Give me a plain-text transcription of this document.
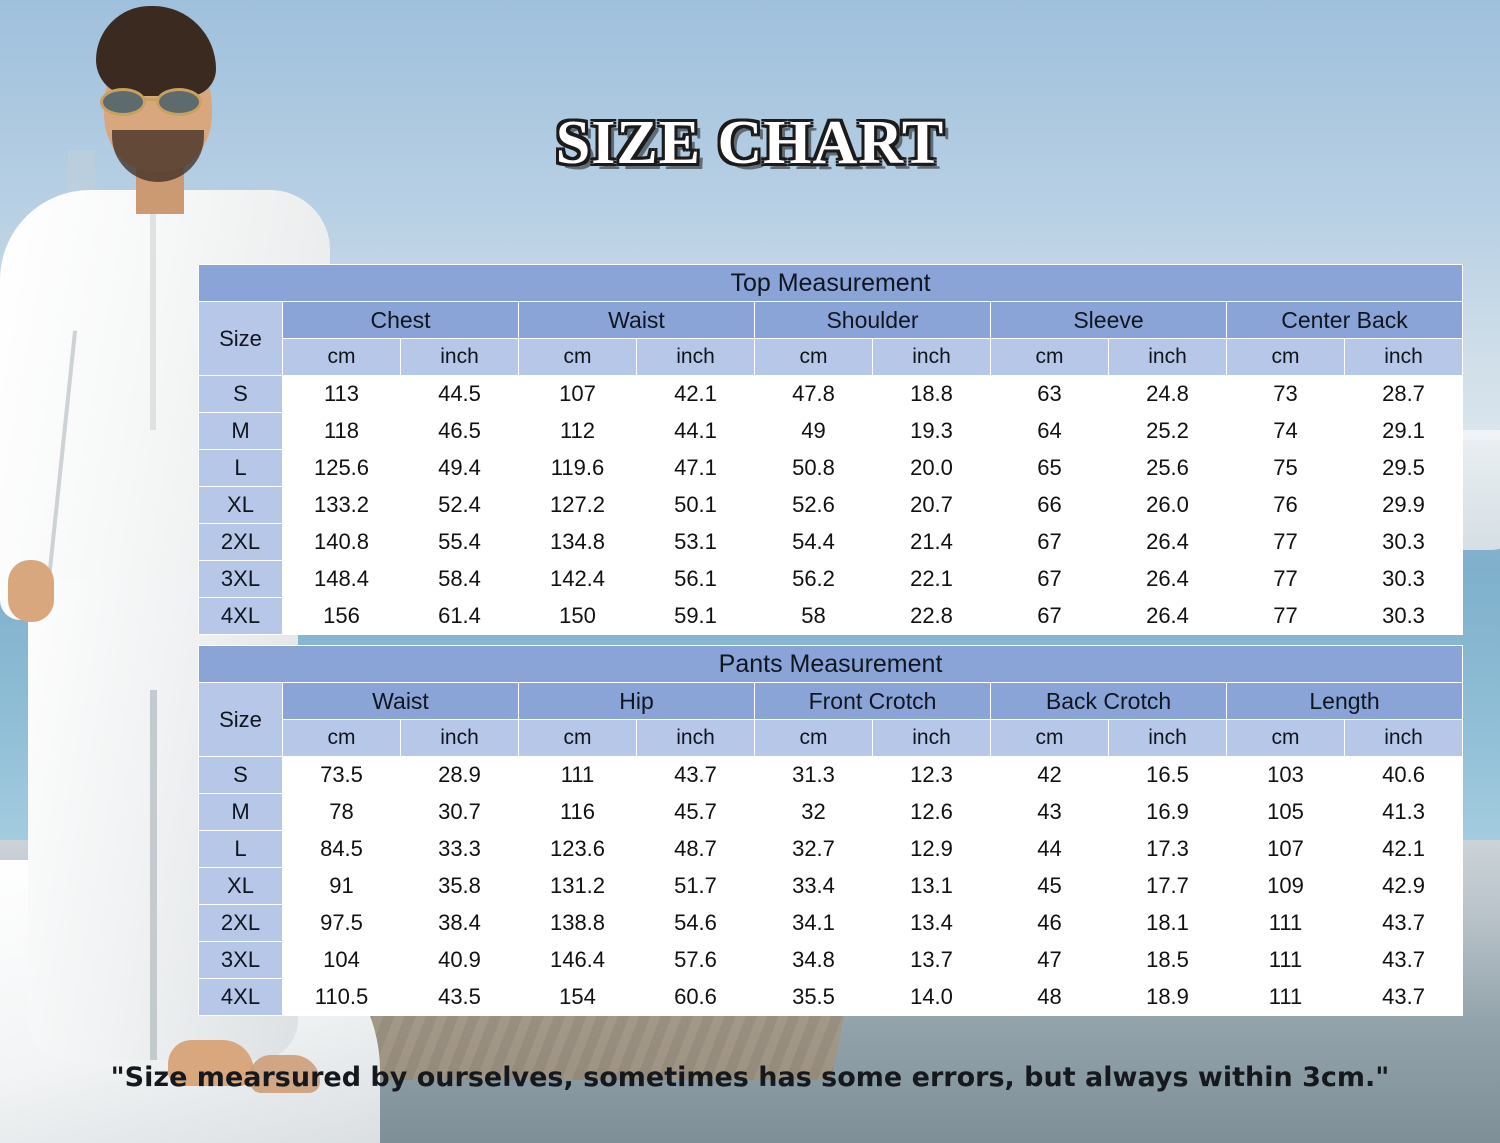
SIZE CHART
Top Measurement										
Size	Chest		Waist		Shoulder		Sleeve		Center Back	
	cm	inch	cm	inch	cm	inch	cm	inch	cm	inch
S	113	44.5	107	42.1	47.8	18.8	63	24.8	73	28.7
M	118	46.5	112	44.1	49	19.3	64	25.2	74	29.1
L	125.6	49.4	119.6	47.1	50.8	20.0	65	25.6	75	29.5
XL	133.2	52.4	127.2	50.1	52.6	20.7	66	26.0	76	29.9
2XL	140.8	55.4	134.8	53.1	54.4	21.4	67	26.4	77	30.3
3XL	148.4	58.4	142.4	56.1	56.2	22.1	67	26.4	77	30.3
4XL	156	61.4	150	59.1	58	22.8	67	26.4	77	30.3
Pants Measurement										
Size	Waist		Hip		Front Crotch		Back Crotch		Length	
	cm	inch	cm	inch	cm	inch	cm	inch	cm	inch
S	73.5	28.9	111	43.7	31.3	12.3	42	16.5	103	40.6
M	78	30.7	116	45.7	32	12.6	43	16.9	105	41.3
L	84.5	33.3	123.6	48.7	32.7	12.9	44	17.3	107	42.1
XL	91	35.8	131.2	51.7	33.4	13.1	45	17.7	109	42.9
2XL	97.5	38.4	138.8	54.6	34.1	13.4	46	18.1	111	43.7
3XL	104	40.9	146.4	57.6	34.8	13.7	47	18.5	111	43.7
4XL	110.5	43.5	154	60.6	35.5	14.0	48	18.9	111	43.7
"Size mearsured by ourselves, sometimes has some errors, but always within 3cm."
